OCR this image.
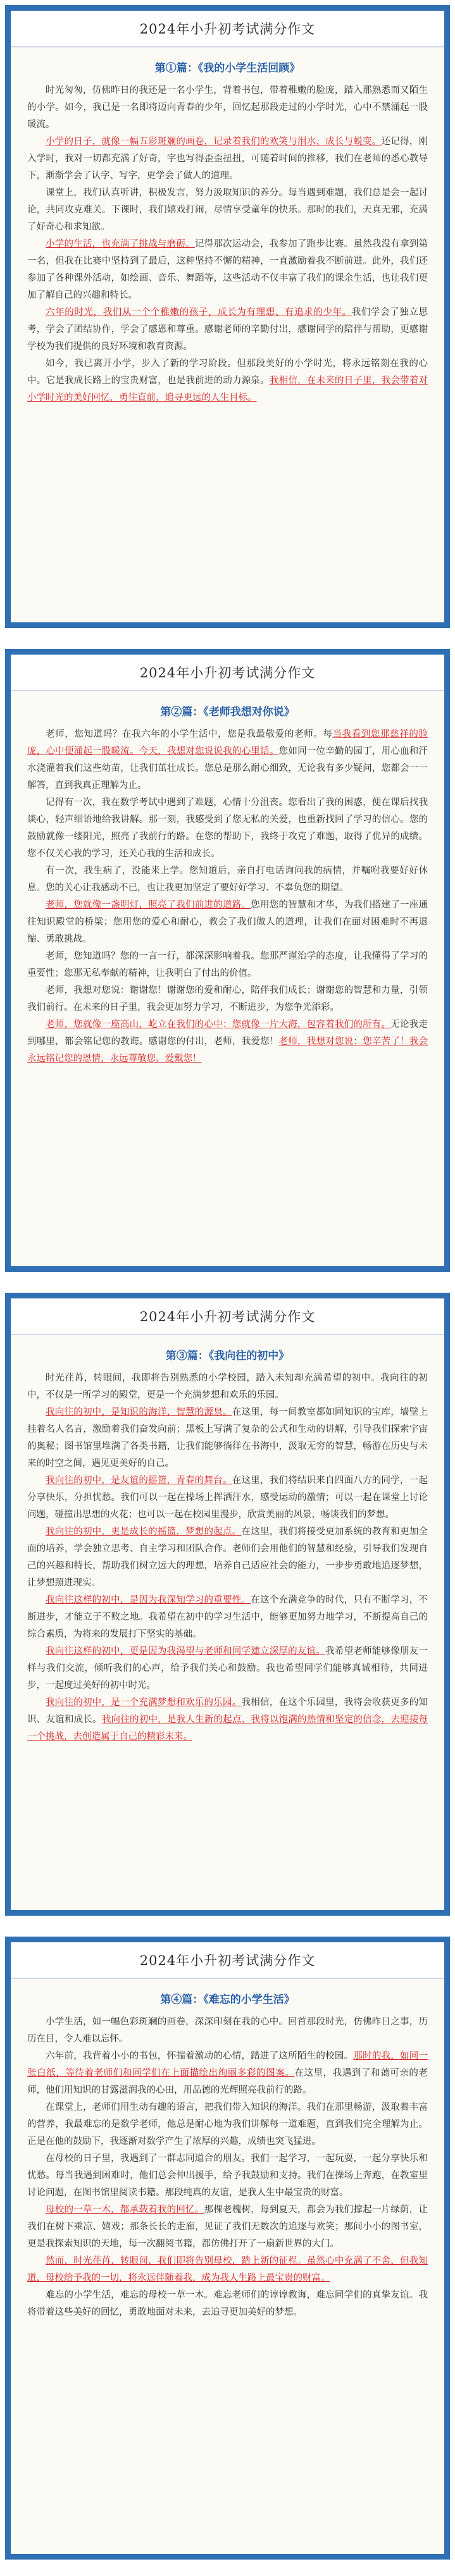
2024年小升初考试满分作文
第①篇：《我的小学生活回顾》

时光匆匆，仿佛昨日的我还是一名小学生，背着书包，带着稚嫩的脸庞，踏入那熟悉而又陌生的小学。如今，我已是一名即将迈向青春的少年，回忆起那段走过的小学时光，心中不禁涌起一股暖流。

小学的日子，就像一幅五彩斑斓的画卷，记录着我们的欢笑与泪水、成长与蜕变。还记得，刚入学时，我对一切都充满了好奇，字也写得歪歪扭扭，可随着时间的推移，我们在老师的悉心教导下，渐渐学会了认字、写字，更学会了做人的道理。

课堂上，我们认真听讲，积极发言，努力汲取知识的养分。每当遇到难题，我们总是会一起讨论，共同攻克难关。下课时，我们嬉戏打闹，尽情享受童年的快乐。那时的我们，天真无邪，充满了好奇心和求知欲。

小学的生活，也充满了挑战与磨砺。记得那次运动会，我参加了跑步比赛。虽然我没有拿到第一名，但我在比赛中坚持到了最后，这种坚持不懈的精神，一直激励着我不断前进。此外，我们还参加了各种课外活动，如绘画、音乐、舞蹈等，这些活动不仅丰富了我们的课余生活，也让我们更加了解自己的兴趣和特长。

六年的时光，我们从一个个稚嫩的孩子，成长为有理想、有追求的少年。我们学会了独立思考，学会了团结协作，学会了感恩和尊重。感谢老师的辛勤付出，感谢同学的陪伴与帮助，更感谢学校为我们提供的良好环境和教育资源。

如今，我已离开小学，步入了新的学习阶段。但那段美好的小学时光，将永远铭刻在我的心中。它是我成长路上的宝贵财富，也是我前进的动力源泉。我相信，在未来的日子里，我会带着对小学时光的美好回忆，勇往直前，追寻更远的人生目标。

2024年小升初考试满分作文
第②篇：《老师我想对你说》

老师，您知道吗？在我六年的小学生活中，您是我最敬爱的老师。每当我看到您那慈祥的脸庞，心中便涌起一股暖流。今天，我想对您说说我的心里话。您如同一位辛勤的园丁，用心血和汗水浇灌着我们这些幼苗，让我们茁壮成长。您总是那么耐心细致，无论我有多少疑问，您都会一一解答，直到我真正理解为止。

记得有一次，我在数学考试中遇到了难题，心情十分沮丧。您看出了我的困惑，便在课后找我谈心，轻声细语地给我讲解。那一刻，我感受到了您无私的关爱，也重新找回了学习的信心。您的鼓励就像一缕阳光，照亮了我前行的路。在您的帮助下，我终于攻克了难题，取得了优异的成绩。您不仅关心我的学习，还关心我的生活和成长。

有一次，我生病了，没能来上学。您知道后，亲自打电话询问我的病情，并嘱咐我要好好休息。您的关心让我感动不已，也让我更加坚定了要好好学习、不辜负您的期望。

老师，您就像一盏明灯，照亮了我们前进的道路。您用您的智慧和才华，为我们搭建了一座通往知识殿堂的桥梁；您用您的爱心和耐心，教会了我们做人的道理，让我们在面对困难时不再退缩、勇敢挑战。

老师，您知道吗？您的一言一行，都深深影响着我。您那严谨治学的态度，让我懂得了学习的重要性；您那无私奉献的精神，让我明白了付出的价值。

老师，我想对您说：谢谢您！谢谢您的爱和耐心，陪伴我们成长；谢谢您的智慧和力量，引领我们前行。在未来的日子里，我会更加努力学习，不断进步，为您争光添彩。

老师，您就像一座高山，屹立在我们的心中；您就像一片大海，包容着我们的所有。无论我走到哪里，都会铭记您的教诲。感谢您的付出，老师，我爱您！老师，我想对您说：您辛苦了！我会永远铭记您的恩情，永远尊敬您、爱戴您！

2024年小升初考试满分作文
第③篇：《我向往的初中》

时光荏苒，转眼间，我即将告别熟悉的小学校园，踏入未知却充满希望的初中。我向往的初中，不仅是一所学习的殿堂，更是一个充满梦想和欢乐的乐园。

我向往的初中，是知识的海洋，智慧的源泉。在这里，每一间教室都如同知识的宝库，墙壁上挂着名人名言，激励着我们奋发向前；黑板上写满了复杂的公式和生动的讲解，引导我们探索宇宙的奥秘；图书馆里堆满了各类书籍，让我们能够徜徉在书海中，汲取无穷的智慧，畅游在历史与未来的时空之间，遇见更美好的自己。

我向往的初中，是友谊的摇篮，青春的舞台。在这里，我们将结识来自四面八方的同学，一起分享快乐，分担忧愁。我们可以一起在操场上挥洒汗水，感受运动的激情；可以一起在课堂上讨论问题，碰撞出思想的火花；也可以一起在校园里漫步，欣赏美丽的风景，畅谈我们的梦想。

我向往的初中，更是成长的摇篮，梦想的起点。在这里，我们将接受更加系统的教育和更加全面的培养，学会独立思考、自主学习和团队合作。老师们会用他们的智慧和经验，引导我们发现自己的兴趣和特长，帮助我们树立远大的理想，培养自己适应社会的能力，一步步勇敢地追逐梦想，让梦想照进现实。

我向往这样的初中，是因为我深知学习的重要性。在这个充满竞争的时代，只有不断学习，不断进步，才能立于不败之地。我希望在初中的学习生活中，能够更加努力地学习，不断提高自己的综合素质，为将来的发展打下坚实的基础。

我向往这样的初中，更是因为我渴望与老师和同学建立深厚的友谊。我希望老师能够像朋友一样与我们交流，倾听我们的心声，给予我们关心和鼓励。我也希望同学们能够真诚相待，共同进步，一起度过美好的初中时光。

我向往的初中，是一个充满梦想和欢乐的乐园。我相信，在这个乐园里，我将会收获更多的知识、友谊和成长。我向往的初中，是我人生新的起点，我将以饱满的热情和坚定的信念，去迎接每一个挑战，去创造属于自己的精彩未来。

2024年小升初考试满分作文
第④篇：《难忘的小学生活》

小学生活，如一幅色彩斑斓的画卷，深深印刻在我的心中。回首那段时光，仿佛昨日之事，历历在目，令人难以忘怀。

六年前，我背着小小的书包，怀揣着激动的心情，踏进了这所陌生的校园。那时的我，如同一张白纸，等待着老师们和同学们在上面描绘出绚丽多彩的图案。在这里，我遇到了和蔼可亲的老师，他们用知识的甘露滋润我的心田，用品德的光辉照亮我前行的路。

在课堂上，老师们用生动有趣的语言，把我们带入知识的海洋。我们在那里畅游，汲取着丰富的营养，我最难忘的是数学老师，他总是耐心地为我们讲解每一道难题，直到我们完全理解为止。正是在他的鼓励下，我逐渐对数学产生了浓厚的兴趣，成绩也突飞猛进。

在母校的日子里，我遇到了一群志同道合的朋友。我们一起学习，一起玩耍，一起分享快乐和忧愁。每当我遇到困难时，他们总会伸出援手，给予我鼓励和支持。我们在操场上奔跑，在教室里讨论问题，在图书馆里阅读书籍。那段纯真的友谊，是我人生中最宝贵的财富。

母校的一草一木，都承载着我的回忆。那棵老槐树，每到夏天，都会为我们撑起一片绿荫，让我们在树下乘凉、嬉戏；那条长长的走廊，见证了我们无数次的追逐与欢笑；那间小小的图书室，更是我探索知识的天地，每一次翻阅书籍，都仿佛打开了一扇新世界的大门。

然而，时光荏苒，转眼间，我们即将告别母校，踏上新的征程。虽然心中充满了不舍，但我知道，母校给予我的一切，将永远伴随着我，成为我人生路上最宝贵的财富。

难忘的小学生活，难忘的母校一草一木。难忘老师们的谆谆教诲，难忘同学们的真挚友谊。我将带着这些美好的回忆，勇敢地面对未来，去追寻更加美好的梦想。
